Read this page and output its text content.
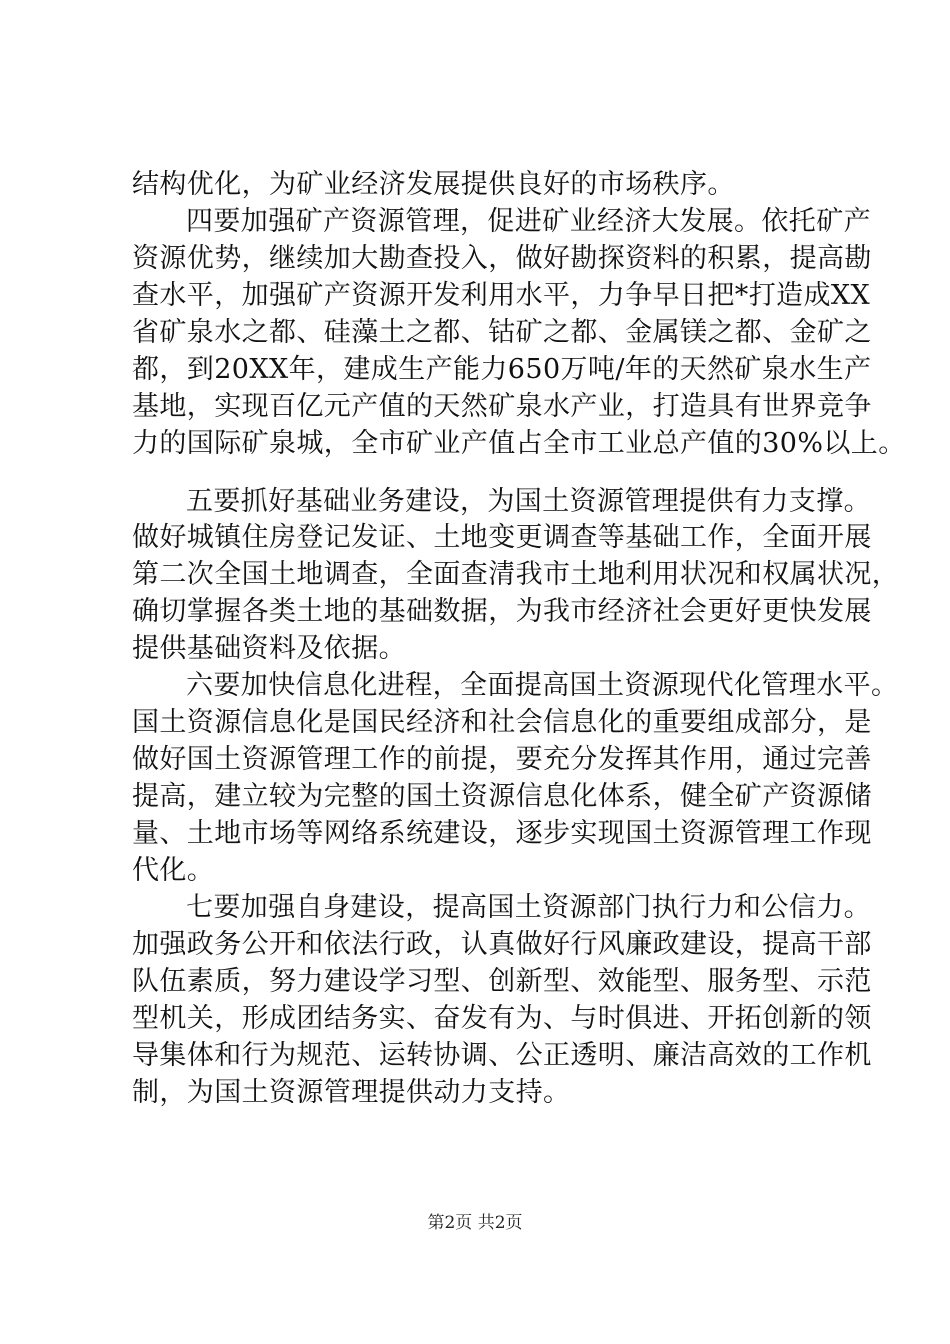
结构优化，为矿业经济发展提供良好的市场秩序。
四要加强矿产资源管理，促进矿业经济大发展。依托矿产
资源优势，继续加大勘查投入，做好勘探资料的积累，提高勘
查水平，加强矿产资源开发利用水平，力争早日把*打造成XX
省矿泉水之都、硅藻土之都、钴矿之都、金属镁之都、金矿之
都，到20XX年，建成生产能力650万吨/年的天然矿泉水生产
基地，实现百亿元产值的天然矿泉水产业，打造具有世界竞争
力的国际矿泉城，全市矿业产值占全市工业总产值的30%以上。
五要抓好基础业务建设，为国土资源管理提供有力支撑。
做好城镇住房登记发证、土地变更调查等基础工作，全面开展
第二次全国土地调查，全面查清我市土地利用状况和权属状况，
确切掌握各类土地的基础数据，为我市经济社会更好更快发展
提供基础资料及依据。
六要加快信息化进程，全面提高国土资源现代化管理水平。
国土资源信息化是国民经济和社会信息化的重要组成部分，是
做好国土资源管理工作的前提，要充分发挥其作用，通过完善
提高，建立较为完整的国土资源信息化体系，健全矿产资源储
量、土地市场等网络系统建设，逐步实现国土资源管理工作现
代化。
七要加强自身建设，提高国土资源部门执行力和公信力。
加强政务公开和依法行政，认真做好行风廉政建设，提高干部
队伍素质，努力建设学习型、创新型、效能型、服务型、示范
型机关，形成团结务实、奋发有为、与时俱进、开拓创新的领
导集体和行为规范、运转协调、公正透明、廉洁高效的工作机
制，为国土资源管理提供动力支持。
第2页 共2页
